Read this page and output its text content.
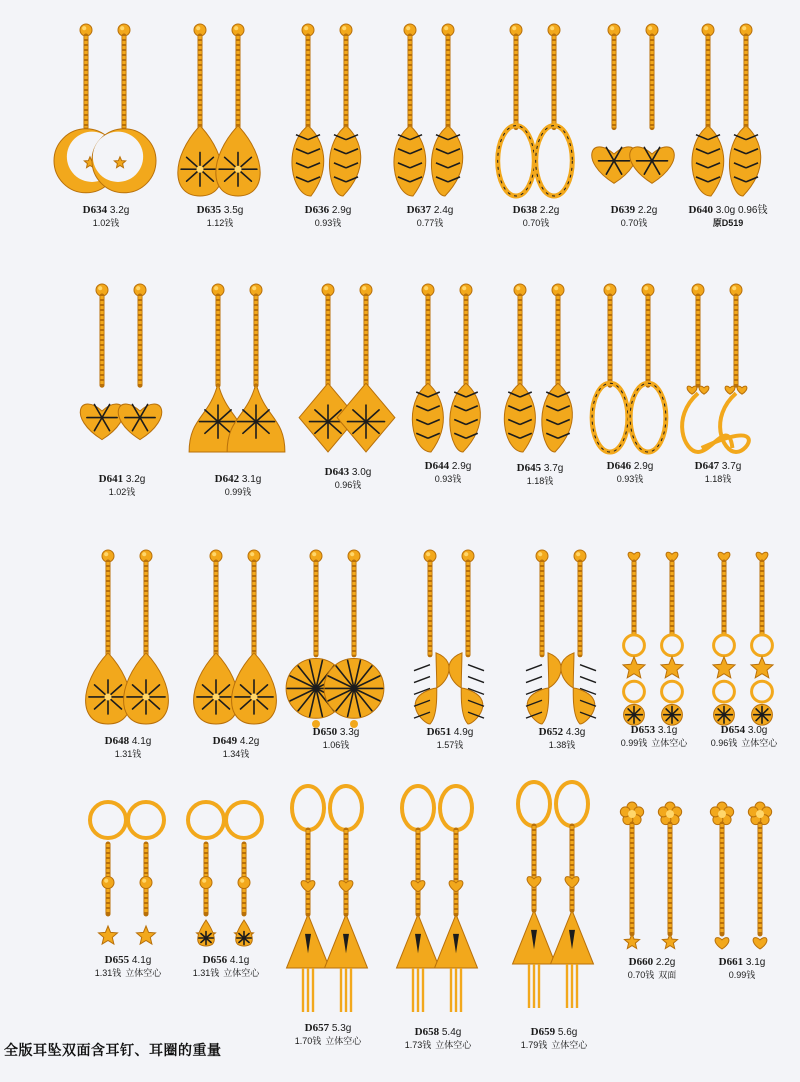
D634 3.2g
1.02钱
D635 3.5g
1.12钱
D636 2.9g
0.93钱
D637 2.4g
0.77钱
D638 2.2g
0.70钱
D639 2.2g
0.70钱
D640 3.0g 0.96钱
原D519
D641 3.2g
1.02钱
D642 3.1g
0.99钱
D643 3.0g
0.96钱
D644 2.9g
0.93钱
D645 3.7g
1.18钱
D646 2.9g
0.93钱
D647 3.7g
1.18钱
D648 4.1g
1.31钱
D649 4.2g
1.34钱
D650 3.3g
1.06钱
D651 4.9g
1.57钱
D652 4.3g
1.38钱
D653 3.1g
0.99钱 立体空心
D654 3.0g
0.96钱 立体空心
D655 4.1g
1.31钱 立体空心
D656 4.1g
1.31钱 立体空心
D657 5.3g
1.70钱 立体空心
D658 5.4g
1.73钱 立体空心
D659 5.6g
1.79钱 立体空心
D660 2.2g
0.70钱 双面
D661 3.1g
0.99钱
全版耳坠双面含耳钉、耳圈的重量
